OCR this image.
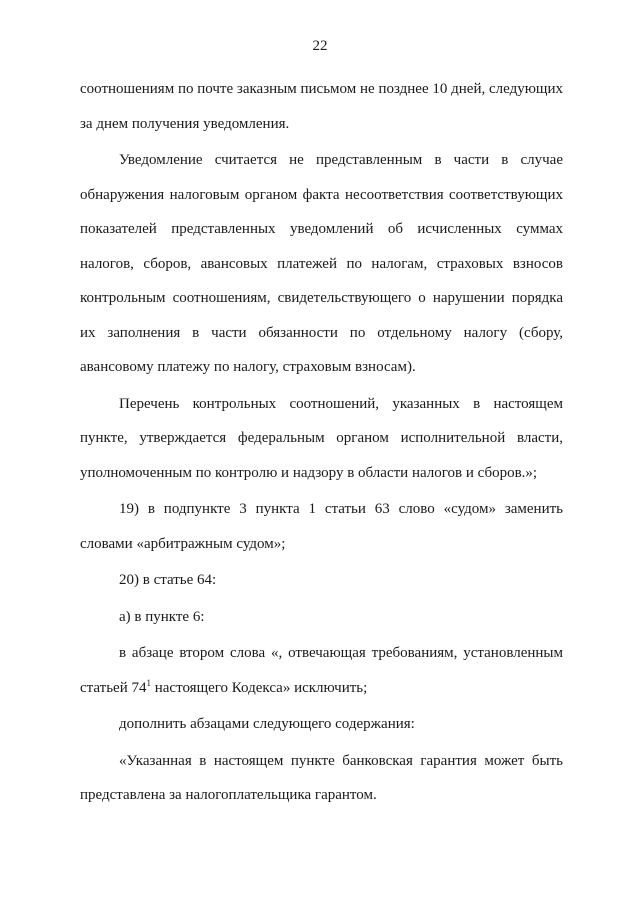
22

соотношениям по почте заказным письмом не позднее 10 дней, следующих за днем получения уведомления.

Уведомление считается не представленным в части в случае обнаружения налоговым органом факта несоответствия соответствующих показателей представленных уведомлений об исчисленных суммах налогов, сборов, авансовых платежей по налогам, страховых взносов контрольным соотношениям, свидетельствующего о нарушении порядка их заполнения в части обязанности по отдельному налогу (сбору, авансовому платежу по налогу, страховым взносам).

Перечень контрольных соотношений, указанных в настоящем пункте, утверждается федеральным органом исполнительной власти, уполномоченным по контролю и надзору в области налогов и сборов.»;

19) в подпункте 3 пункта 1 статьи 63 слово «судом» заменить словами «арбитражным судом»;

20) в статье 64:

а) в пункте 6:

в абзаце втором слова «, отвечающая требованиям, установленным статьей $74^1$ настоящего Кодекса» исключить;

дополнить абзацами следующего содержания:

«Указанная в настоящем пункте банковская гарантия может быть представлена за налогоплательщика гарантом.
